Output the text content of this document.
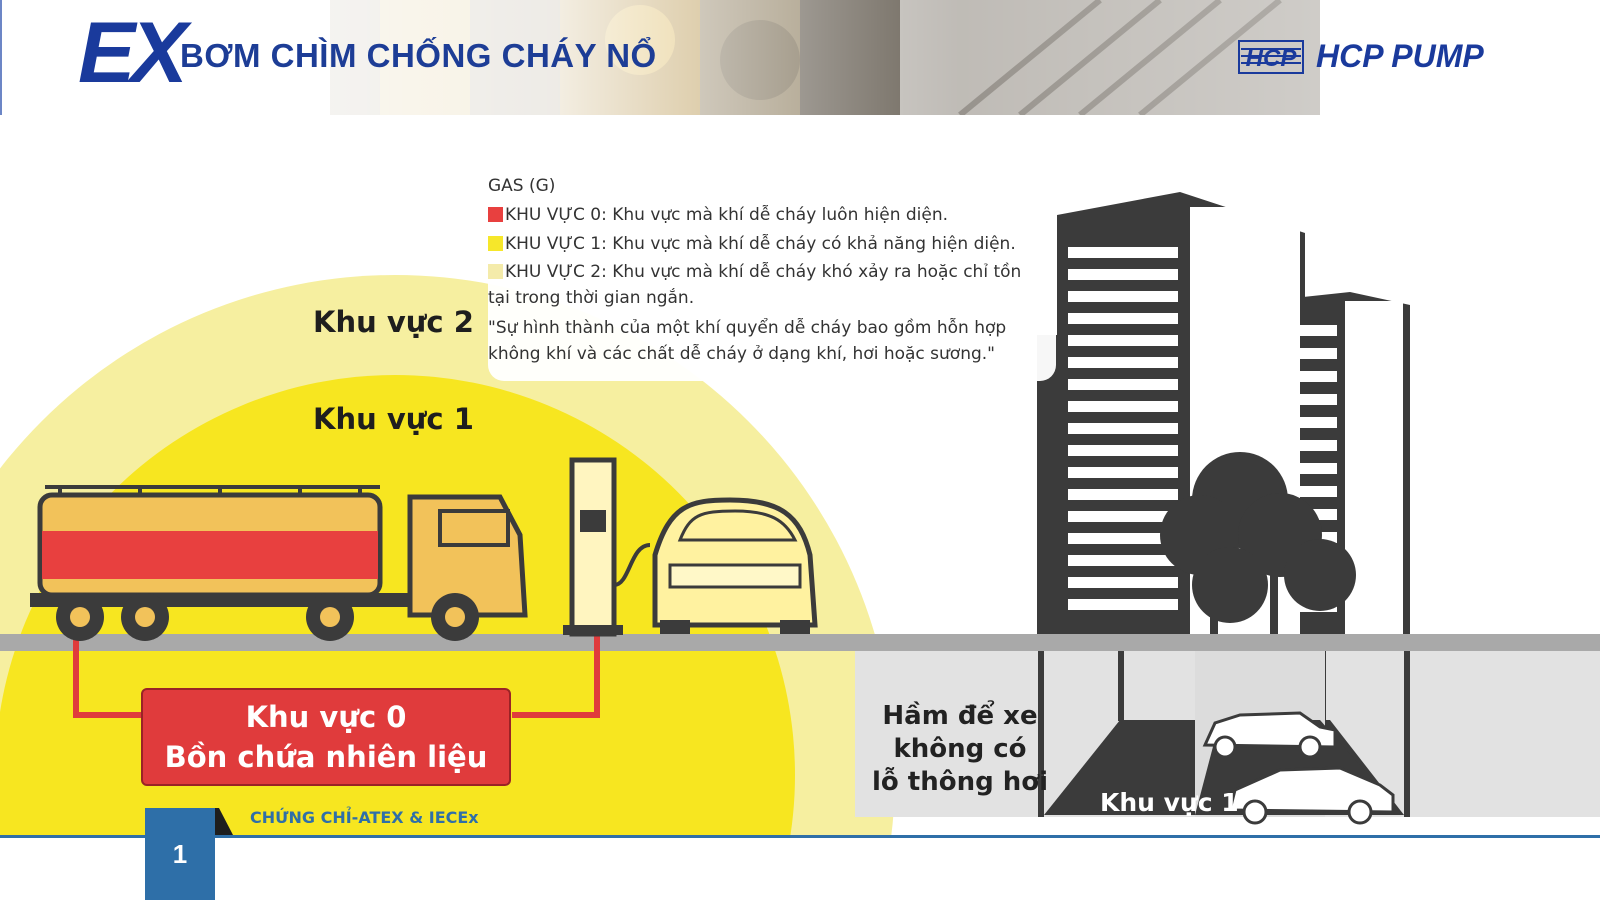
EX
BƠM CHÌM CHỐNG CHÁY NỔ	HCP HCP PUMP
GAS (G)
KHU VỰC 0: Khu vực mà khí dễ cháy luôn hiện diện.
KHU VỰC 1: Khu vực mà khí dễ cháy có khả năng hiện diện.
KHU VỰC 2: Khu vực mà khí dễ cháy khó xảy ra hoặc chỉ tồn tại trong thời gian ngắn.
"Sự hình thành của một khí quyển dễ cháy bao gồm hỗn hợp không khí và các chất dễ cháy ở dạng khí, hơi hoặc sương."
Khu vực 2
Khu vực 1
Khu vực 0
Bồn chứa nhiên liệu
Hầm để xe
không có
lỗ thông hơi
Khu vực 1
1
CHỨNG CHỈ-ATEX & IECEx
